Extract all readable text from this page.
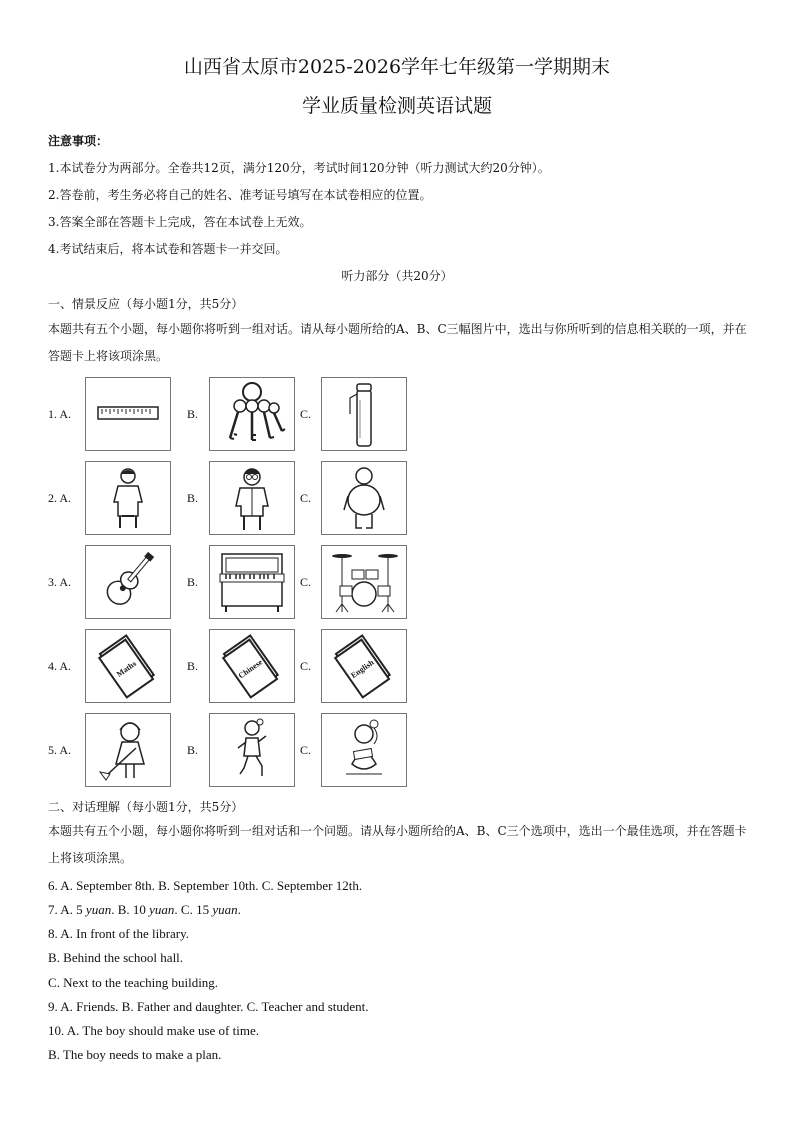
山西省太原市2025-2026学年七年级第一学期期末
学业质量检测英语试题
注意事项：
1.本试卷分为两部分。全卷共12页，满分120分，考试时间120分钟（听力测试大约20分钟）。
2.答卷前，考生务必将自己的姓名、准考证号填写在本试卷相应的位置。
3.答案全部在答题卡上完成，答在本试卷上无效。
4.考试结束后，将本试卷和答题卡一并交回。
听力部分（共20分）
一、情景反应（每小题1分，共5分）
本题共有五个小题，每小题你将听到一组对话。请从每小题所给的A、B、C三幅图片中，选出与你所听到的信息相关联的一项，并在答题卡上将该项涂黑。
1. A.	B.	C.
2. A.	B.	C.
3. A.	B.	C.
4. A.	Maths	B.	Chinese	C.	English
5. A.	B.	C.
二、对话理解（每小题1分，共5分）
本题共有五个小题，每小题你将听到一组对话和一个问题。请从每小题所给的A、B、C三个选项中，选出一个最佳选项，并在答题卡上将该项涂黑。
6. A. September 8th. B. September 10th. C. September 12th.
7. A. 5 yuan. B. 10 yuan. C. 15 yuan.
8. A. In front of the library.
B. Behind the school hall.
C. Next to the teaching building.
9. A. Friends. B. Father and daughter. C. Teacher and student.
10. A. The boy should make use of time.
B. The boy needs to make a plan.
